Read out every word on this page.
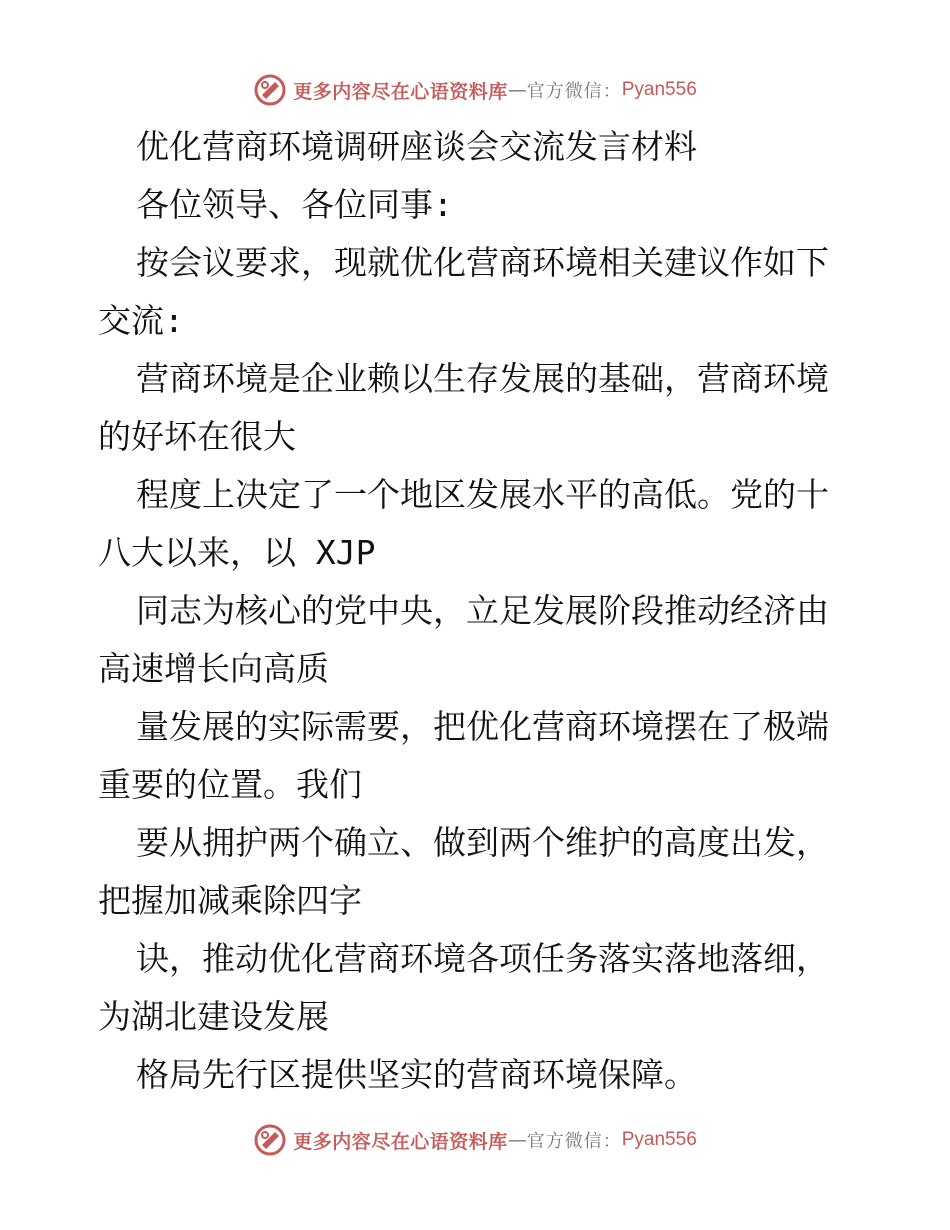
更多内容尽在心语资料库 — 官方微信： Pyan556
优化营商环境调研座谈会交流发言材料
各位领导、各位同事:
按会议要求，现就优化营商环境相关建议作如下
交流:
营商环境是企业赖以生存发展的基础，营商环境
的好坏在很大
程度上决定了一个地区发展水平的高低。党的十
八大以来，以 XJP
同志为核心的党中央，立足发展阶段推动经济由
高速增长向高质
量发展的实际需要，把优化营商环境摆在了极端
重要的位置。我们
要从拥护两个确立、做到两个维护的高度出发，
把握加减乘除四字
诀，推动优化营商环境各项任务落实落地落细，
为湖北建设发展
格局先行区提供坚实的营商环境保障。
更多内容尽在心语资料库 — 官方微信： Pyan556
